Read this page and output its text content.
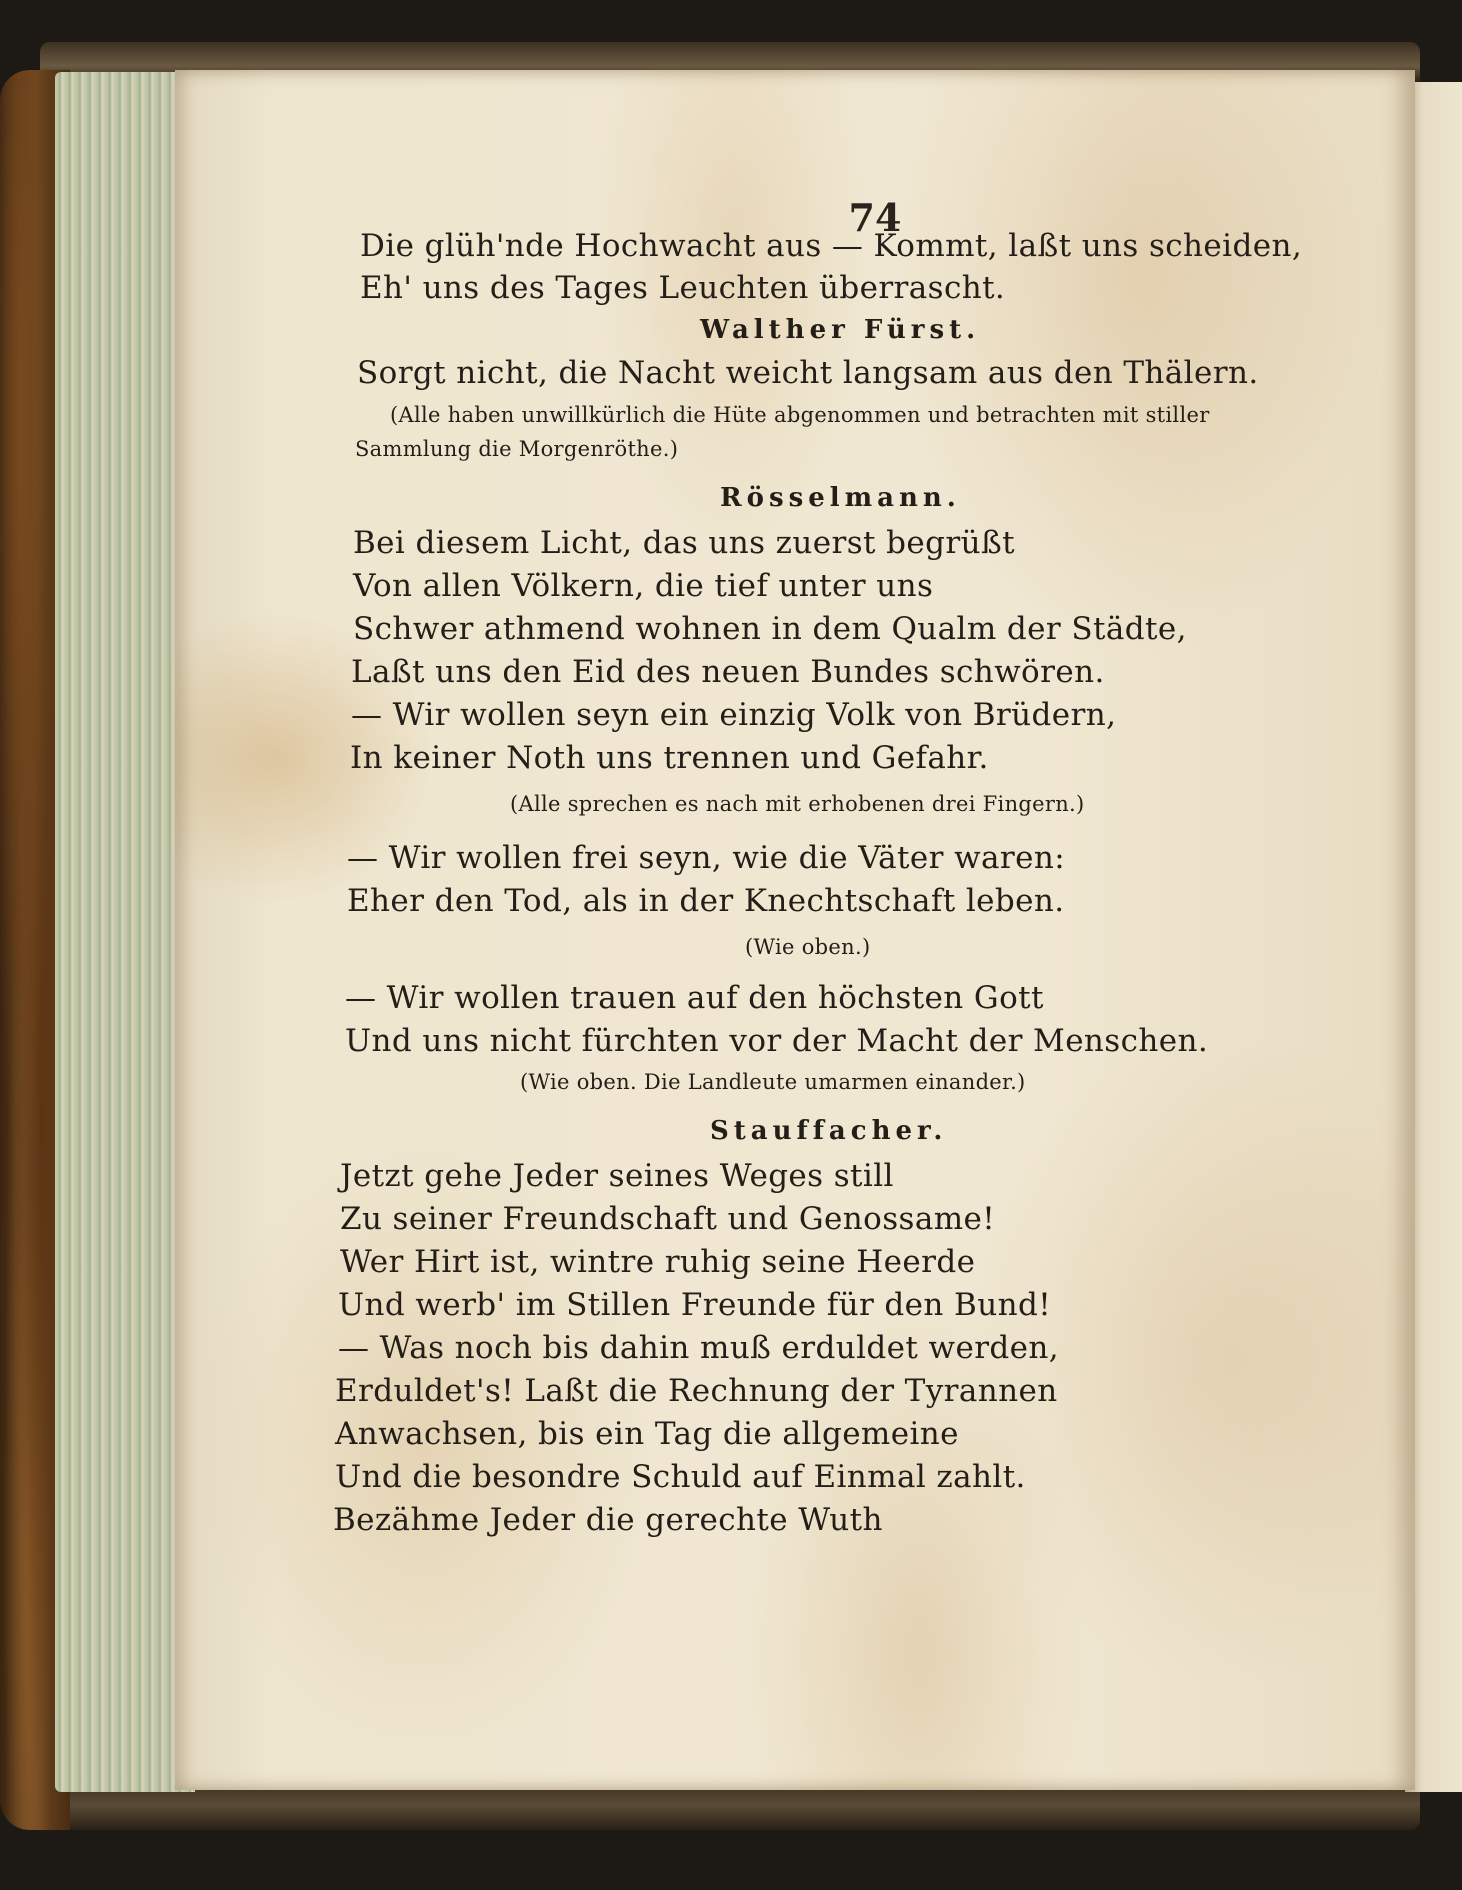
74
Die glüh'nde Hochwacht aus — Kommt, laßt uns scheiden,
Eh' uns des Tages Leuchten überrascht.
Walther Fürst.
Sorgt nicht, die Nacht weicht langsam aus den Thälern.
(Alle haben unwillkürlich die Hüte abgenommen und betrachten mit stiller
Sammlung die Morgenröthe.)
Rösselmann.
Bei diesem Licht, das uns zuerst begrüßt
Von allen Völkern, die tief unter uns
Schwer athmend wohnen in dem Qualm der Städte,
Laßt uns den Eid des neuen Bundes schwören.
— Wir wollen seyn ein einzig Volk von Brüdern,
In keiner Noth uns trennen und Gefahr.
(Alle sprechen es nach mit erhobenen drei Fingern.)
— Wir wollen frei seyn, wie die Väter waren:
Eher den Tod, als in der Knechtschaft leben.
(Wie oben.)
— Wir wollen trauen auf den höchsten Gott
Und uns nicht fürchten vor der Macht der Menschen.
(Wie oben. Die Landleute umarmen einander.)
Stauffacher.
Jetzt gehe Jeder seines Weges still
Zu seiner Freundschaft und Genossame!
Wer Hirt ist, wintre ruhig seine Heerde
Und werb' im Stillen Freunde für den Bund!
— Was noch bis dahin muß erduldet werden,
Erduldet's! Laßt die Rechnung der Tyrannen
Anwachsen, bis ein Tag die allgemeine
Und die besondre Schuld auf Einmal zahlt.
Bezähme Jeder die gerechte Wuth
